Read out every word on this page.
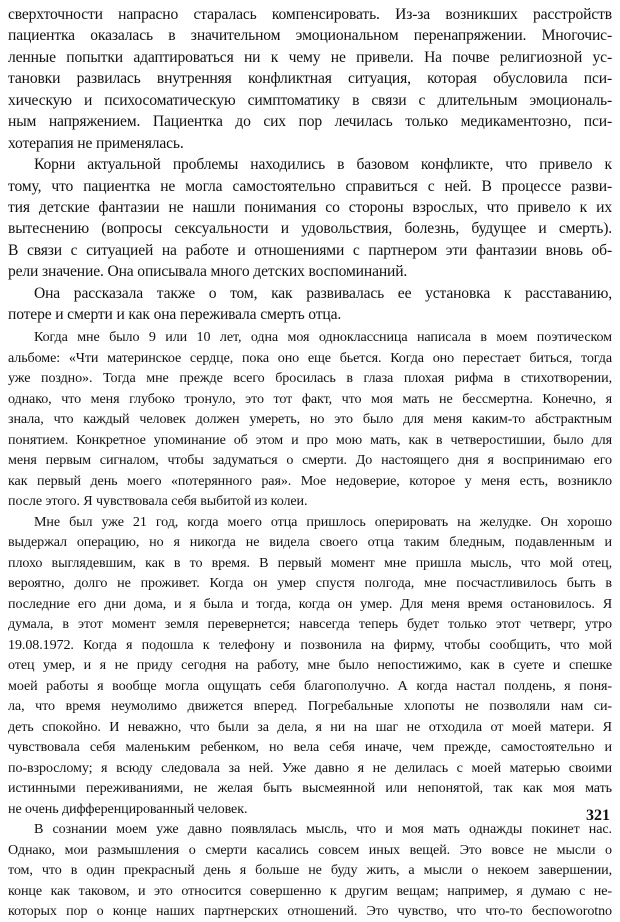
сверхточности напрасно старалась компенсировать. Из-за возникших расстройств
пациентка оказалась в значительном эмоциональном перенапряжении. Многочис-
ленные попытки адаптироваться ни к чему не привели. На почве религиозной ус-
тановки развилась внутренняя конфликтная ситуация, которая обусловила пси-
хическую и психосоматическую симптоматику в связи с длительным эмоциональ-
ным напряжением. Пациентка до сих пор лечилась только медикаментозно, пси-
хотерапия не применялась.
Корни актуальной проблемы находились в базовом конфликте, что привело к
тому, что пациентка не могла самостоятельно справиться с ней. В процессе разви-
тия детские фантазии не нашли понимания со стороны взрослых, что привело к их
вытеснению (вопросы сексуальности и удовольствия, болезнь, будущее и смерть).
В связи с ситуацией на работе и отношениями с партнером эти фантазии вновь об-
рели значение. Она описывала много детских воспоминаний.
Она рассказала также о том, как развивалась ее установка к расставанию,
потере и смерти и как она переживала смерть отца.
Когда мне было 9 или 10 лет, одна моя одноклассница написала в моем поэтическом
альбоме: «Чти материнское сердце, пока оно еще бьется. Когда оно перестает биться, тогда
уже поздно». Тогда мне прежде всего бросилась в глаза плохая рифма в стихотворении,
однако, что меня глубоко тронуло, это тот факт, что моя мать не бессмертна. Конечно, я
знала, что каждый человек должен умереть, но это было для меня каким-то абстрактным
понятием. Конкретное упоминание об этом и про мою мать, как в четверостишии, было для
меня первым сигналом, чтобы задуматься о смерти. До настоящего дня я воспринимаю его
как первый день моего «потерянного рая». Мое недоверие, которое у меня есть, возникло
после этого. Я чувствовала себя выбитой из колеи.
Мне был уже 21 год, когда моего отца пришлось оперировать на желудке. Он хорошо
выдержал операцию, но я никогда не видела своего отца таким бледным, подавленным и
плохо выглядевшим, как в то время. В первый момент мне пришла мысль, что мой отец,
вероятно, долго не проживет. Когда он умер спустя полгода, мне посчастливилось быть в
последние его дни дома, и я была и тогда, когда он умер. Для меня время остановилось. Я
думала, в этот момент земля перевернется; навсегда теперь будет только этот четверг, утро
19.08.1972. Когда я подошла к телефону и позвонила на фирму, чтобы сообщить, что мой
отец умер, и я не приду сегодня на работу, мне было непостижимо, как в суете и спешке
моей работы я вообще могла ощущать себя благополучно. А когда настал полдень, я поня-
ла, что время неумолимо движется вперед. Погребальные хлопоты не позволяли нам си-
деть спокойно. И неважно, что были за дела, я ни на шаг не отходила от моей матери. Я
чувствовала себя маленьким ребенком, но вела себя иначе, чем прежде, самостоятельно и
по-взрослому; я всюду следовала за ней. Уже давно я не делилась с моей матерью своими
истинными переживаниями, не желая быть высмеянной или непонятой, так как моя мать
не очень дифференцированный человек.
В сознании моем уже давно появлялась мысль, что и моя мать однажды покинет нас.
Однако, мои размышления о смерти касались совсем иных вещей. Это вовсе не мысли о
том, что в один прекрасный день я больше не буду жить, а мысли о некоем завершении,
конце как таковом, и это относится совершенно к другим вещам; например, я думаю с не-
которых пор о конце наших партнерских отношений. Это чувство, что что-то беспоworotno
321
